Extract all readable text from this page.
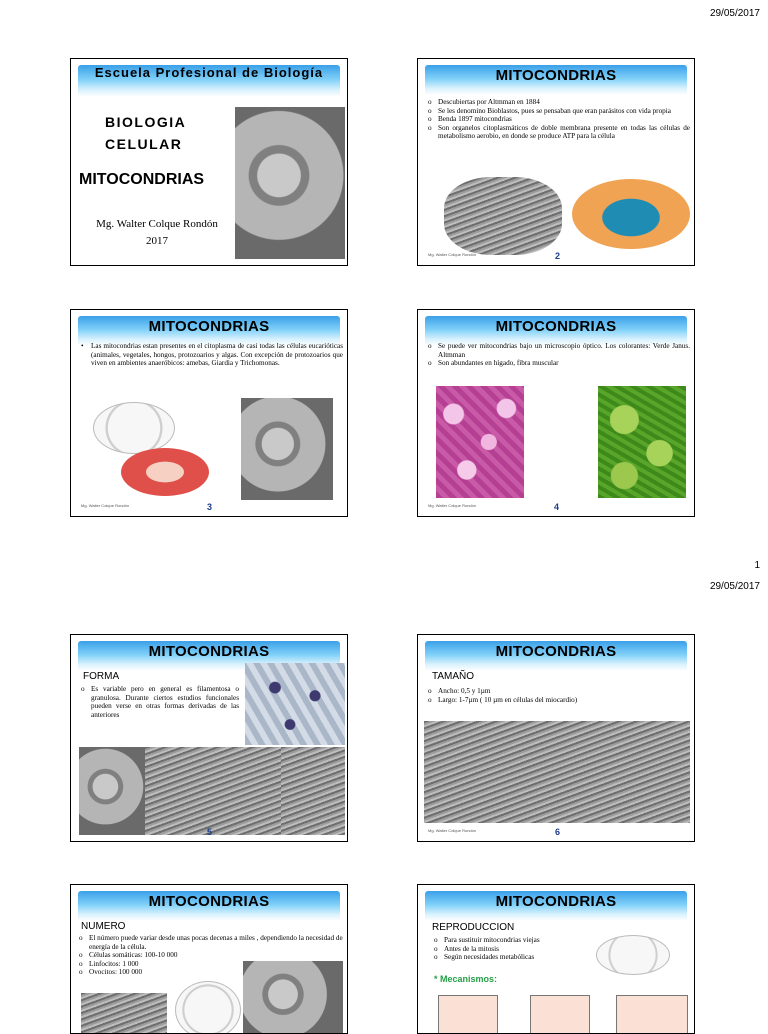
29/05/2017
Escuela Profesional de Biología
BIOLOGIA
CELULAR
MITOCONDRIAS
Mg. Walter Colque Rondón
2017
MITOCONDRIAS
o Descubiertas por Altmman en 1884
o Se les denomino Bioblastos, pues se pensaban que eran parásitos con vida propia
o Benda 1897 mitocondrias
o Son organelos citoplasmáticos de doble membrana presente en todas las células de metabolismo aerobio, en donde se produce ATP para la célula
Mg. Walter Colque Rondón	2
MITOCONDRIAS
• Las mitocondrias estan presentes en el citoplasma de casi todas las células eucarióticas (animales, vegetales, hongos, protozoarios y algas. Con excepción de protozoarios que viven en ambientes anaeróbicos: amebas, Giardia y Trichomonas.
Mg. Walter Colque Rondón	3
MITOCONDRIAS
o Se puede ver mitocondrias bajo un microscopio óptico. Los colorantes: Verde Janus. Altmman
o Son abundantes en hígado, fibra muscular
Mg. Walter Colque Rondón	4
1
29/05/2017
MITOCONDRIAS
FORMA
o Es variable pero en general es filamentosa o granulosa. Durante ciertos estudios funcionales pueden verse en otras formas derivadas de las anteriores
5
MITOCONDRIAS
TAMAÑO
o Ancho: 0,5 y 1µm
o Largo: 1-7µm ( 10 µm en células del miocardio)
Mg. Walter Colque Rondón	6
MITOCONDRIAS
NUMERO
o El número puede variar desde unas pocas decenas a miles , dependiendo la necesidad de energía de la célula.
o Células somáticas: 100-10 000
o Linfocitos: 1 000
o Ovocitos: 100 000
MITOCONDRIAS
REPRODUCCION
o Para sustituir mitocondrias viejas
o Antes de la mitosis
o Según necesidades metabólicas
* Mecanismos:
